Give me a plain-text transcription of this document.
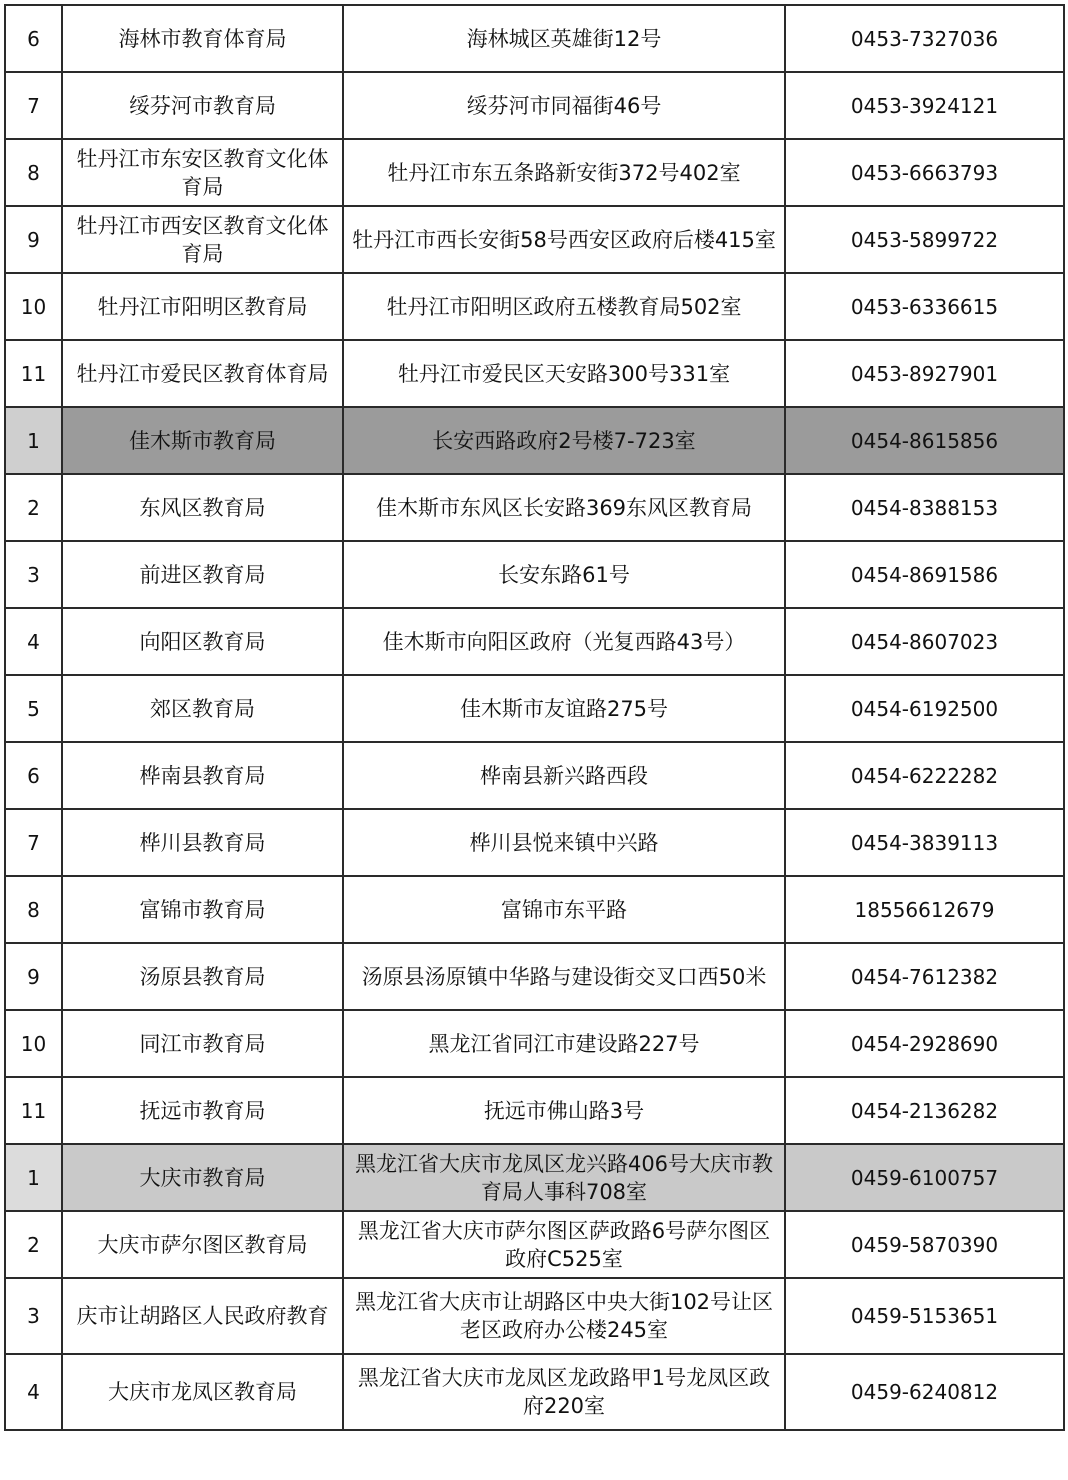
6	海林市教育体育局	海林城区英雄街12号	0453-7327036
7	绥芬河市教育局	绥芬河市同福街46号	0453-3924121
8	牡丹江市东安区教育文化体育局	牡丹江市东五条路新安街372号402室	0453-6663793
9	牡丹江市西安区教育文化体育局	牡丹江市西长安街58号西安区政府后楼415室	0453-5899722
10	牡丹江市阳明区教育局	牡丹江市阳明区政府五楼教育局502室	0453-6336615
11	牡丹江市爱民区教育体育局	牡丹江市爱民区天安路300号331室	0453-8927901
1	佳木斯市教育局	长安西路政府2号楼7-723室	0454-8615856
2	东风区教育局	佳木斯市东风区长安路369东风区教育局	0454-8388153
3	前进区教育局	长安东路61号	0454-8691586
4	向阳区教育局	佳木斯市向阳区政府（光复西路43号）	0454-8607023
5	郊区教育局	佳木斯市友谊路275号	0454-6192500
6	桦南县教育局	桦南县新兴路西段	0454-6222282
7	桦川县教育局	桦川县悦来镇中兴路	0454-3839113
8	富锦市教育局	富锦市东平路	18556612679
9	汤原县教育局	汤原县汤原镇中华路与建设街交叉口西50米	0454-7612382
10	同江市教育局	黑龙江省同江市建设路227号	0454-2928690
11	抚远市教育局	抚远市佛山路3号	0454-2136282
1	大庆市教育局	黑龙江省大庆市龙凤区龙兴路406号大庆市教育局人事科708室	0459-6100757
2	大庆市萨尔图区教育局	黑龙江省大庆市萨尔图区萨政路6号萨尔图区政府C525室	0459-5870390
3	庆市让胡路区人民政府教育	黑龙江省大庆市让胡路区中央大街102号让区老区政府办公楼245室	0459-5153651
4	大庆市龙凤区教育局	黑龙江省大庆市龙凤区龙政路甲1号龙凤区政府220室	0459-6240812
